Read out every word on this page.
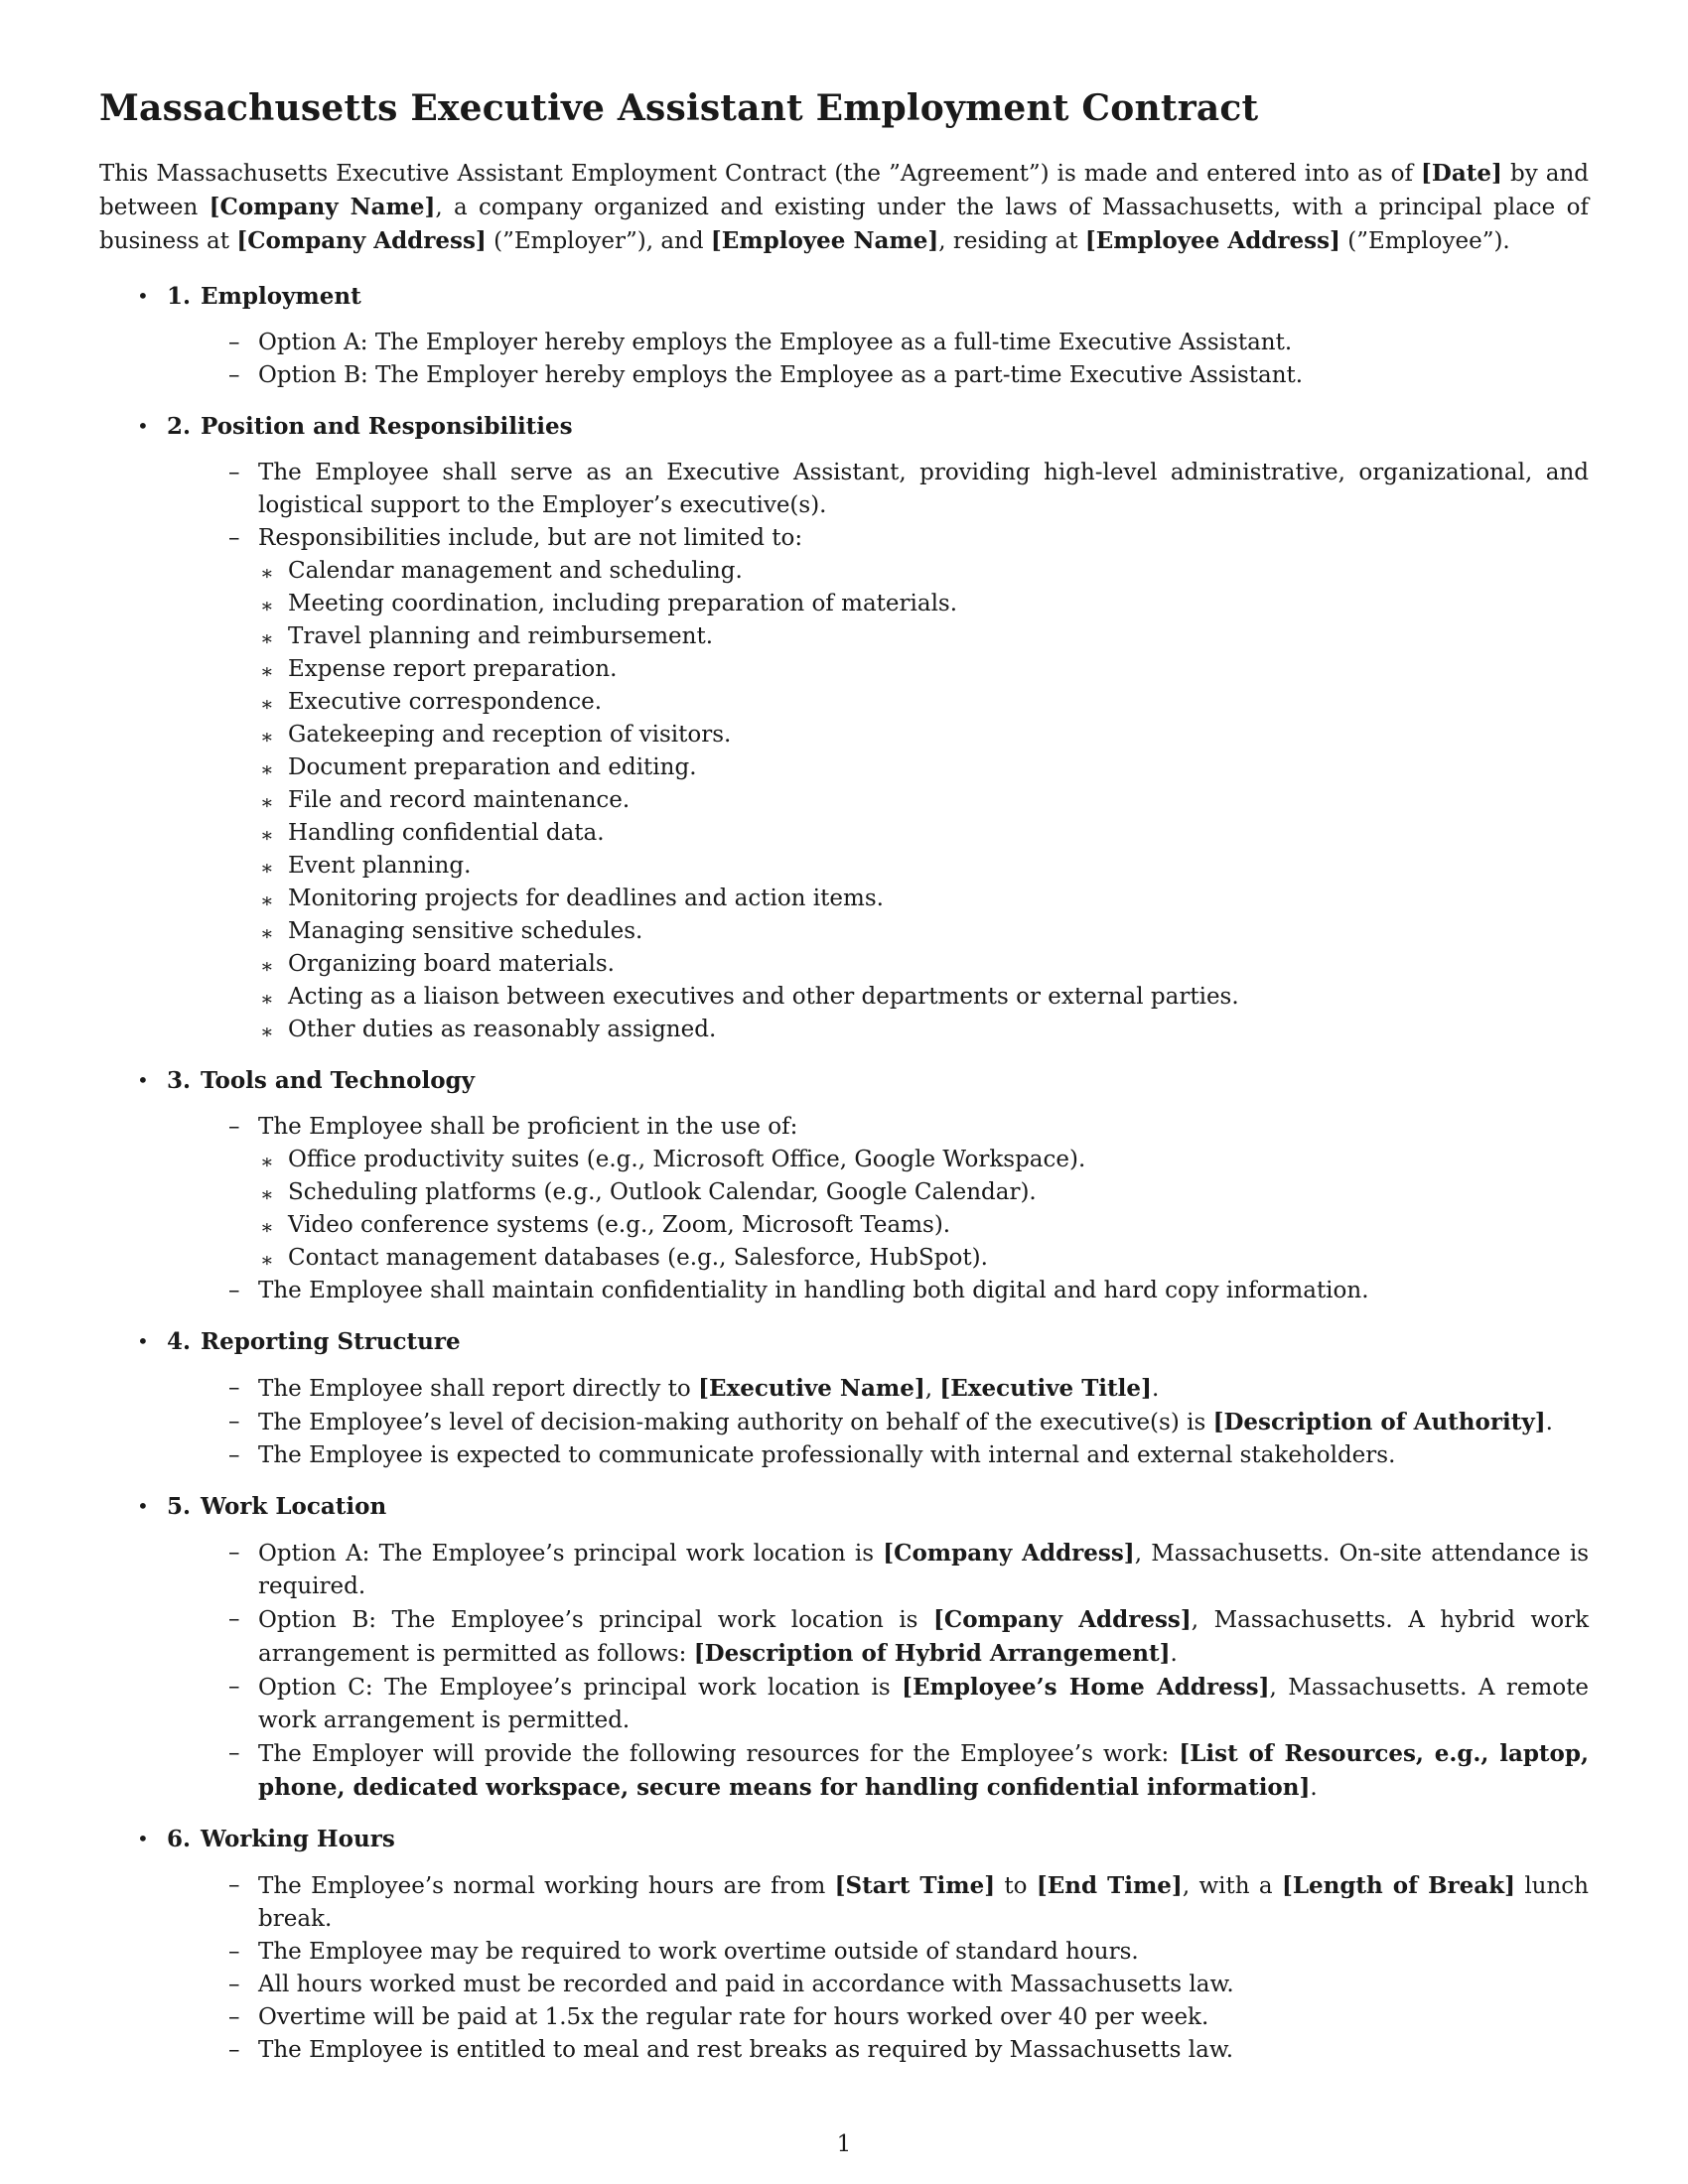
Massachusetts Executive Assistant Employment Contract

This Massachusetts Executive Assistant Employment Contract (the ”Agreement”) is made and entered into as of [Date] by and between [Company Name], a company organized and existing under the laws of Massachusetts, with a principal place of business at [Company Address] (”Employer”), and [Employee Name], residing at [Employee Address] (”Employee”).

• 1. Employment
– Option A: The Employer hereby employs the Employee as a full-time Executive Assistant.
– Option B: The Employer hereby employs the Employee as a part-time Executive Assistant.
• 2. Position and Responsibilities
– The Employee shall serve as an Executive Assistant, providing high-level administrative, organizational, and logistical support to the Employer’s executive(s).
– Responsibilities include, but are not limited to:
∗ Calendar management and scheduling.
∗ Meeting coordination, including preparation of materials.
∗ Travel planning and reimbursement.
∗ Expense report preparation.
∗ Executive correspondence.
∗ Gatekeeping and reception of visitors.
∗ Document preparation and editing.
∗ File and record maintenance.
∗ Handling confidential data.
∗ Event planning.
∗ Monitoring projects for deadlines and action items.
∗ Managing sensitive schedules.
∗ Organizing board materials.
∗ Acting as a liaison between executives and other departments or external parties.
∗ Other duties as reasonably assigned.
• 3. Tools and Technology
– The Employee shall be proficient in the use of:
∗ Office productivity suites (e.g., Microsoft Office, Google Workspace).
∗ Scheduling platforms (e.g., Outlook Calendar, Google Calendar).
∗ Video conference systems (e.g., Zoom, Microsoft Teams).
∗ Contact management databases (e.g., Salesforce, HubSpot).
– The Employee shall maintain confidentiality in handling both digital and hard copy information.
• 4. Reporting Structure
– The Employee shall report directly to [Executive Name], [Executive Title].
– The Employee’s level of decision-making authority on behalf of the executive(s) is [Description of Authority].
– The Employee is expected to communicate professionally with internal and external stakeholders.
• 5. Work Location
– Option A: The Employee’s principal work location is [Company Address], Massachusetts. On-site attendance is required.
– Option B: The Employee’s principal work location is [Company Address], Massachusetts. A hybrid work arrangement is permitted as follows: [Description of Hybrid Arrangement].
– Option C: The Employee’s principal work location is [Employee’s Home Address], Massachusetts. A remote work arrangement is permitted.
– The Employer will provide the following resources for the Employee’s work: [List of Resources, e.g., laptop, phone, dedicated workspace, secure means for handling confidential information].
• 6. Working Hours
– The Employee’s normal working hours are from [Start Time] to [End Time], with a [Length of Break] lunch break.
– The Employee may be required to work overtime outside of standard hours.
– All hours worked must be recorded and paid in accordance with Massachusetts law.
– Overtime will be paid at 1.5x the regular rate for hours worked over 40 per week.
– The Employee is entitled to meal and rest breaks as required by Massachusetts law.
1
